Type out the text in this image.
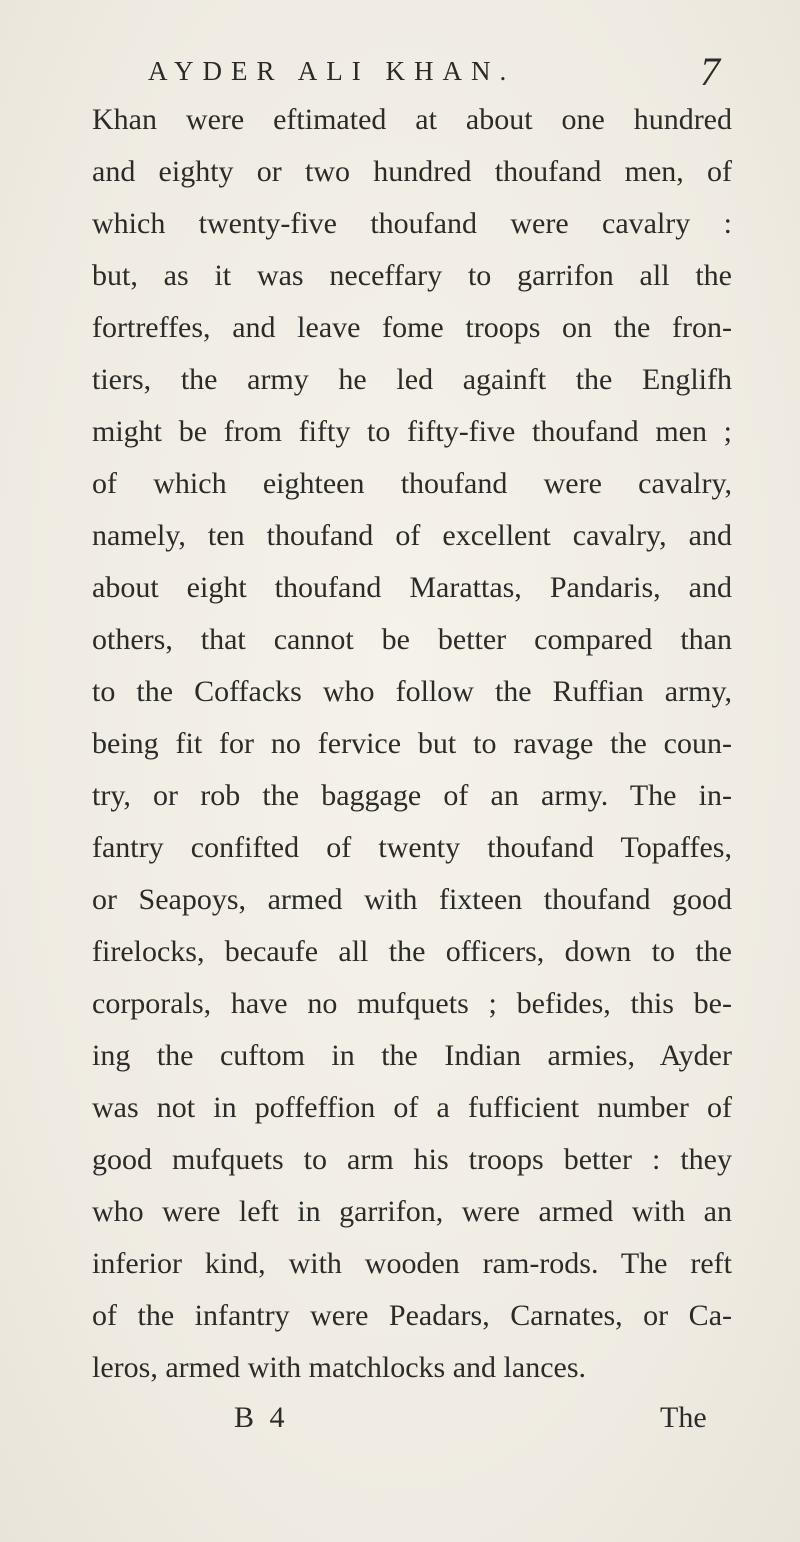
AYDER ALI KHAN.	7
Khan were eftimated at about one hundred
and eighty or two hundred thoufand men, of
which twenty-five thoufand were cavalry :
but, as it was neceffary to garrifon all the
fortreffes, and leave fome troops on the fron-
tiers, the army he led againft the Englifh
might be from fifty to fifty-five thoufand men ;
of which eighteen thoufand were cavalry,
namely, ten thoufand of excellent cavalry, and
about eight thoufand Marattas, Pandaris, and
others, that cannot be better compared than
to the Coffacks who follow the Ruffian army,
being fit for no fervice but to ravage the coun-
try, or rob the baggage of an army. The in-
fantry confifted of twenty thoufand Topaffes,
or Seapoys, armed with fixteen thoufand good
firelocks, becaufe all the officers, down to the
corporals, have no mufquets ; befides, this be-
ing the cuftom in the Indian armies, Ayder
was not in poffeffion of a fufficient number of
good mufquets to arm his troops better : they
who were left in garrifon, were armed with an
inferior kind, with wooden ram-rods. The reft
of the infantry were Peadars, Carnates, or Ca-
leros, armed with matchlocks and lances.
B 4	The
